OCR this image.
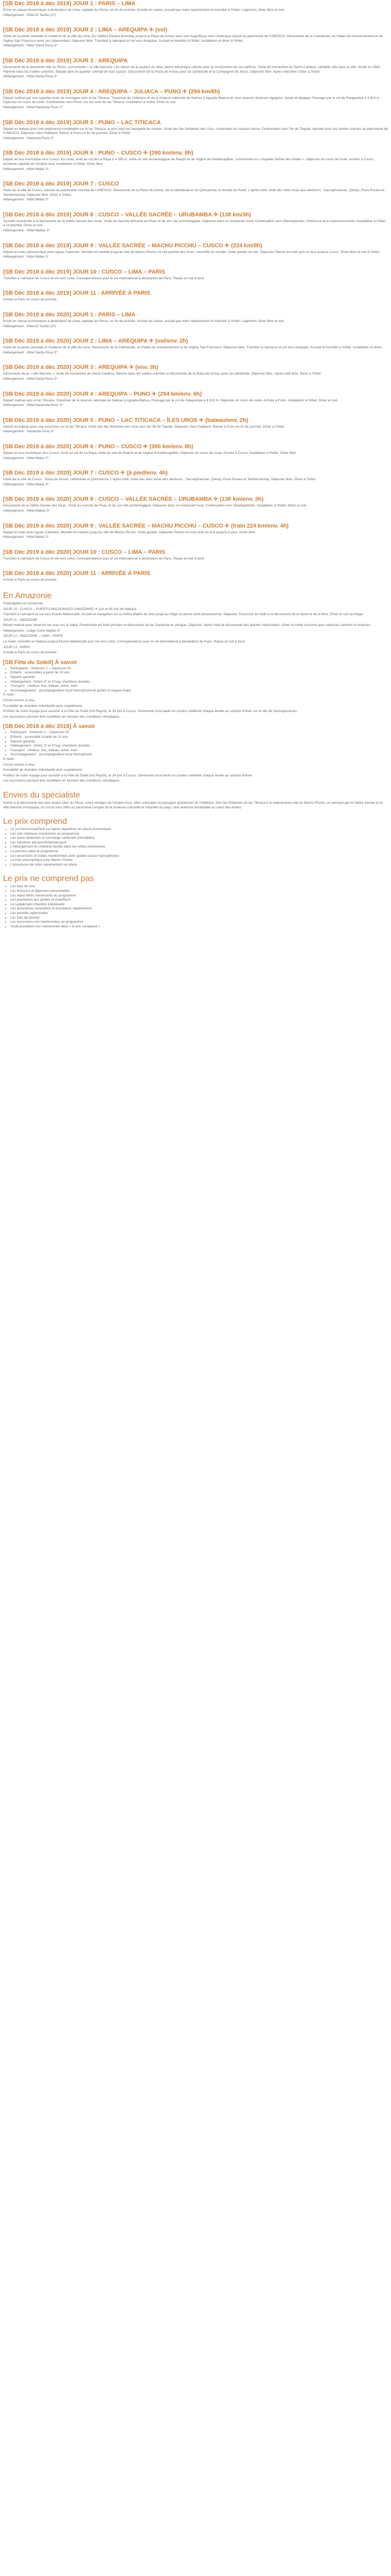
[SB Déc 2018 à déc 2019] JOUR 1 : PARIS – LIMA

Envol en classe économique à destination de Lima, capitale du Pérou, en fin de journée. Arrivée en soirée, accueil par notre représentant et transfert à l'hôtel. Logement, dîner libre et nuit.

Hébergement : Hôtel El Tambo (3*)

[SB Déc 2018 à déc 2019] JOUR 2 : LIMA – AREQUIPA ✈ (vol)

Visite de la partie coloniale et moderne de la ville de Lima. Du célèbre Parque Kennedy jusqu'à la Plaza de Armas avec son magnifique cœur historique classé au patrimoine de l'UNESCO. Découverte de la Cathédrale, du Palais du Gouvernement et de l'église San Francisco avec ses catacombes. Déjeuner libre. Transfert à l'aéroport et vol vers Arequipa. Accueil et transfert à l'hôtel. Installation et dîner à l'hôtel.

Hébergement : Hôtel Santa Rosa 3*

[SB Déc 2018 à déc 2019] JOUR 3 : AREQUIPA

Découverte de la deuxième ville du Pérou, surnommée « la ville blanche » en raison de la couleur du sillar, pierre volcanique utilisée pour la construction de ses édifices. Visite du monastère de Santa Catalina, véritable ville dans la ville, fondé en 1580. Flânerie dans les ruelles colorées. Balade dans le quartier colonial de San Lazaro. Découverte de la Plaza de Armas avec sa cathédrale et la Compagnie de Jésus. Déjeuner libre. Après-midi libre. Dîner à l'hôtel.

Hébergement : Hôtel Santa Rosa 3*

[SB Déc 2018 à déc 2019] JOUR 4 : AREQUIPA – JULIACA – PUNO ✈ (294 km/6h)

Départ matinal par une superbe route de montagne vers le lac Titicaca. Traversée de l'Altiplano et de la réserve nationale de Salinas y Aguada Blanca où vous pourrez observer vigognes, lamas et alpagas. Passage par le col de Patapampa à 4 910 m. Déjeuner en cours de route. Continuation vers Puno, sur les rives du lac Titicaca. Installation à l'hôtel. Dîner et nuit.

Hébergement : Hôtel Hacienda Puno 3*

[SB Déc 2018 à déc 2019] JOUR 5 : PUNO – LAC TITICACA

Départ en bateau pour une expérience inoubliable sur le lac Titicaca, le plus haut lac navigable du monde. Visite des îles flottantes des Uros, construites en roseaux totora. Continuation vers l'île de Taquile, réputée pour ses textiles classés au patrimoine de l'UNESCO. Déjeuner chez l'habitant. Retour à Puno en fin de journée. Dîner à l'hôtel.

Hébergement : Hacienda Puno 3*

[SB Déc 2018 à déc 2019] JOUR 6 : PUNO – CUSCO ✈ (390 km/env. 8h)

Départ en bus touristique vers Cusco. En route, arrêt au col de La Raya à 4 335 m, visite du site archéologique de Raqchi et de l'église de Andahuaylillas, surnommée la « chapelle Sixtine des Andes ». Déjeuner en cours de route. Arrivée à Cusco, ancienne capitale de l'empire inca. Installation à l'hôtel. Dîner libre.

Hébergement : Hôtel Midas 3*

[SB Déc 2018 à déc 2019] JOUR 7 : CUSCO

Visite de la ville de Cusco, classée au patrimoine mondial de l'UNESCO. Découverte de la Plaza de Armas, de la cathédrale et du Qoricancha, le temple du Soleil. L'après-midi, visite des sites incas aux alentours : Sacsayhuaman, Qenqo, Puca Pucara et Tambomachay. Déjeuner libre. Dîner à l'hôtel.

Hébergement : Hôtel Midas 3*

[SB Déc 2018 à déc 2019] JOUR 8 : CUSCO – VALLÉE SACRÉE – URUBAMBA ✈ (138 km/3h)

Journée consacrée à la découverte de la Vallée Sacrée des Incas. Visite du marché artisanal de Pisac et de son site archéologique. Déjeuner dans un restaurant local. Continuation vers Ollantaytambo, forteresse inca impressionnante. Installation à l'hôtel à Urubamba. Dîner et nuit.

Hébergement : Hôtel Mabey 3*

[SB Déc 2018 à déc 2019] JOUR 9 : VALLÉE SACRÉE – MACHU PICCHU – CUSCO ✈ (224 km/8h)

Départ en train panoramique pour Aguas Calientes. Montée en navette jusqu'au site de Machu Picchu, la cité perdue des Incas, merveille du monde. Visite guidée du site. Déjeuner. Retour en train puis en bus jusqu'à Cusco. Dîner libre et nuit à l'hôtel.

Hébergement : Hôtel Midas 3*

[SB Déc 2018 à déc 2019] JOUR 10 : CUSCO – LIMA – PARIS

Transfert à l'aéroport de Cusco et vol vers Lima. Correspondance pour le vol international à destination de Paris. Repas et nuit à bord.

[SB Déc 2018 à déc 2019] JOUR 11 : ARRIVÉE À PARIS

Arrivée à Paris en cours de journée.

[SB Déc 2019 à déc 2020] JOUR 1 : PARIS – LIMA

Envol en classe économique à destination de Lima, capitale du Pérou, en fin de journée. Arrivée en soirée, accueil par notre représentant et transfert à l'hôtel. Logement, dîner libre et nuit.

Hébergement : Hôtel El Tambo (3*)

[SB Déc 2019 à déc 2020] JOUR 2 : LIMA – AREQUIPA ✈ (vol/env. 2h)

Visite de la partie coloniale et moderne de la ville de Lima. Découverte de la Cathédrale, du Palais du Gouvernement et de l'église San Francisco. Déjeuner libre. Transfert à l'aéroport et vol vers Arequipa. Accueil et transfert à l'hôtel. Installation et dîner.

Hébergement : Hôtel Santa Rosa 3*

[SB Déc 2019 à déc 2020] JOUR 3 : AREQUIPA ✈ (env. 3h)

Découverte de la « ville blanche ». Visite du monastère de Santa Catalina, flânerie dans les ruelles colorées et découverte de la Plaza de Armas avec sa cathédrale. Déjeuner libre. Après-midi libre. Dîner à l'hôtel.

Hébergement : Hôtel Santa Rosa 3*

[SB Déc 2019 à déc 2020] JOUR 4 : AREQUIPA – PUNO ✈ (294 km/env. 6h)

Départ matinal vers le lac Titicaca. Traversée de la réserve nationale de Salinas y Aguada Blanca. Passage par le col de Patapampa à 4 910 m. Déjeuner en cours de route. Arrivée à Puno. Installation à l'hôtel. Dîner et nuit.

Hébergement : Hôtel Hacienda Puno 3*

[SB Déc 2019 à déc 2020] JOUR 5 : PUNO – LAC TITICACA – ÎLES UROS ✈ (bateau/env. 2h)

Départ en bateau pour une excursion sur le lac Titicaca. Visite des îles flottantes des Uros puis de l'île de Taquile. Déjeuner chez l'habitant. Retour à Puno en fin de journée. Dîner à l'hôtel.

Hébergement : Hacienda Puno 3*

[SB Déc 2019 à déc 2020] JOUR 6 : PUNO – CUSCO ✈ (390 km/env. 8h)

Départ en bus touristique vers Cusco. Arrêt au col de La Raya, visite du site de Raqchi et de l'église d'Andahuaylillas. Déjeuner en cours de route. Arrivée à Cusco. Installation à l'hôtel. Dîner libre.

Hébergement : Hôtel Midas 3*

[SB Déc 2019 à déc 2020] JOUR 7 : CUSCO ✈ (à pied/env. 4h)

Visite de la ville de Cusco : Plaza de Armas, cathédrale et Qoricancha. L'après-midi, visite des sites incas des alentours : Sacsayhuaman, Qenqo, Puca Pucara et Tambomachay. Déjeuner libre. Dîner à l'hôtel.

Hébergement : Hôtel Midas 3*

[SB Déc 2019 à déc 2020] JOUR 8 : CUSCO – VALLÉE SACRÉE – URUBAMBA ✈ (138 km/env. 3h)

Découverte de la Vallée Sacrée des Incas. Visite du marché de Pisac et de son site archéologique. Déjeuner dans un restaurant local. Continuation vers Ollantaytambo. Installation à l'hôtel. Dîner et nuit.

Hébergement : Hôtel Mabey 3*

[SB Déc 2019 à déc 2020] JOUR 9 : VALLÉE SACRÉE – MACHU PICCHU – CUSCO ✈ (train 224 km/env. 4h)

Départ en train pour Aguas Calientes. Montée en navette jusqu'au site de Machu Picchu. Visite guidée. Déjeuner. Retour en train puis en bus jusqu'à Cusco. Dîner libre.

Hébergement : Hôtel Midas 3*

[SB Déc 2019 à déc 2020] JOUR 10 : CUSCO – LIMA – PARIS

Transfert à l'aéroport de Cusco et vol vers Lima. Correspondance pour le vol international à destination de Paris. Repas et nuit à bord.

[SB Déc 2019 à déc 2020] JOUR 11 : ARRIVÉE À PARIS

Arrivée à Paris en cours de journée.

En Amazonie

Prolongation en Amazonie

JOUR 10 : CUSCO – PUERTO MALDONADO (AMAZONIE) ✈ (vol et 45 min de bateau)

Transfert à l'aéroport et vol vers Puerto Maldonado. Accueil et navigation sur la rivière Madre de Dios jusqu'au lodge en pleine forêt amazonienne. Déjeuner. Excursion en forêt à la découverte de la faune et de la flore. Dîner et nuit au lodge.

JOUR 11 : AMAZONIE

Réveil matinal pour observer les aras sur la colpa. Randonnée en forêt primaire et découverte du lac Sandoval en pirogue. Déjeuner. Après-midi de découverte des plantes médicinales. Dîner et sortie nocturne pour observer caïmans et insectes.

Hébergement : Lodge Corto Maltés 3*

JOUR 12 : AMAZONIE – LIMA – PARIS

Le matin, transfert en bateau jusqu'à Puerto Maldonado puis vol vers Lima. Correspondance pour le vol international à destination de Paris. Repas et nuit à bord.

JOUR 13 : PARIS

Arrivée à Paris en cours de journée.

[SB Fête du Soleil] À savoir
• Participants : minimum 2 – maximum 20
• Enfants : accessibles à partir de 10 ans
• Départs garantis
• Hébergement : hôtels 3* et 3*sup, chambres doubles
• Transport : minibus, bus, bateau, avion, train
• Accompagnateur : accompagnateur local francophone et guides à chaque étape

À noter :

Circuit soumis à visa.

Possibilité de chambre individuelle avec supplément.

Profitez de votre voyage pour assister à la Fête du Soleil (Inti Raymi), le 24 juin à Cusco. Cérémonie inca haute en couleur célébrée chaque année au solstice d'hiver sur le site de Sacsayhuaman.

Les excursions peuvent être modifiées en fonction des conditions climatiques.

[SB Déc 2018 à déc 2019] À savoir
• Participant : minimum 2 – maximum 20
• Enfants : accessible à partir de 10 ans
• Départs garantis
• Hébergement : hôtels 3* et 3*sup, chambres doubles
• Transport : minibus, bus, bateau, avion, train
• Accompagnateur : accompagnateur local francophone

À noter :

Circuit soumis à visa.

Possibilité de chambre individuelle avec supplément.

Profitez de votre voyage pour assister à la Fête du Soleil (Inti Raymi), le 24 juin à Cusco. Cérémonie inca haute en couleur célébrée chaque année au solstice d'hiver.

Les excursions peuvent être modifiées en fonction des conditions climatiques.

Envies du spécialiste

Partez à la découverte des plus beaux sites du Pérou, entre vestiges de l'empire inca, villes coloniales et paysages grandioses de l'Altiplano. Des îles flottantes du lac Titicaca à la majestueuse cité de Machu Picchu, en passant par la Vallée Sacrée et la ville blanche d'Arequipa, ce circuit vous offre un panorama complet de la richesse culturelle et naturelle du pays. Une aventure inoubliable au cœur des Andes.

Le prix comprend
• Le vol Paris/Lima/Paris sur lignes régulières en classe économique
• Les vols intérieurs mentionnés au programme
• Les taxes aériennes et surcharge carburant (révisables)
• Les transferts aéroport/hôtel/aéroport
• L'hébergement en chambre double dans les hôtels mentionnés
• La pension selon le programme
• Les excursions et visites mentionnées avec guides locaux francophones
• Le train panoramique pour Machu Picchu
• L'assistance de notre représentant sur place
Le prix ne comprend pas
• Les frais de visa
• Les boissons et dépenses personnelles
• Les repas libres mentionnés au programme
• Les pourboires aux guides et chauffeurs
• Le supplément chambre individuelle
• Les assurances annulation et assistance rapatriement
• Les activités optionnelles
• Les frais de dossier
• Les excursions non mentionnées au programme
• Toute prestation non mentionnée dans « le prix comprend »
